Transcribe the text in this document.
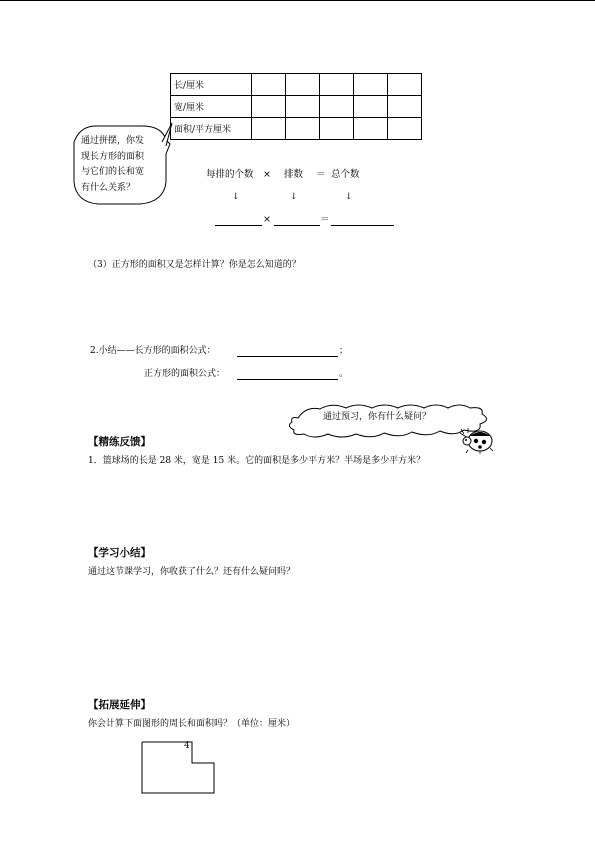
长/厘米					
宽/厘米					
面积/平方厘米					
通过拼摆，你发
现长方形的面积
与它们的长和宽
有什么关系？
每排的个数 × 排数 ＝ 总个数
↓	↓	↓
×	＝
（3）正方形的面积又是怎样计算？你是怎么知道的？
2.小结——长方形的面积公式：	；
正方形的面积公式：	。
通过预习，你有什么疑问？
【精练反馈】
1．篮球场的长是 28 米，宽是 15 米。它的面积是多少平方米？半场是多少平方米？
【学习小结】
通过这节课学习，你收获了什么？还有什么疑问吗？
【拓展延伸】
你会计算下面图形的周长和面积吗？（单位：厘米）
4
